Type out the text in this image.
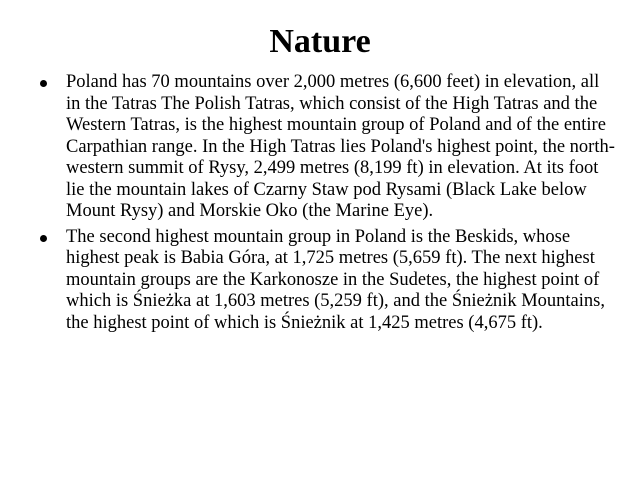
Nature
Poland has 70 mountains over 2,000 metres (6,600 feet) in elevation, all in the Tatras The Polish Tatras, which consist of the High Tatras and the Western Tatras, is the highest mountain group of Poland and of the entire Carpathian range. In the High Tatras lies Poland's highest point, the north-western summit of Rysy, 2,499 metres (8,199 ft) in elevation. At its foot lie the mountain lakes of Czarny Staw pod Rysami (Black Lake below Mount Rysy) and Morskie Oko (the Marine Eye).
The second highest mountain group in Poland is the Beskids, whose highest peak is Babia Góra, at 1,725 metres (5,659 ft). The next highest mountain groups are the Karkonosze in the Sudetes, the highest point of which is Śnieżka at 1,603 metres (5,259 ft), and the Śnieżnik Mountains, the highest point of which is Śnieżnik at 1,425 metres (4,675 ft).
